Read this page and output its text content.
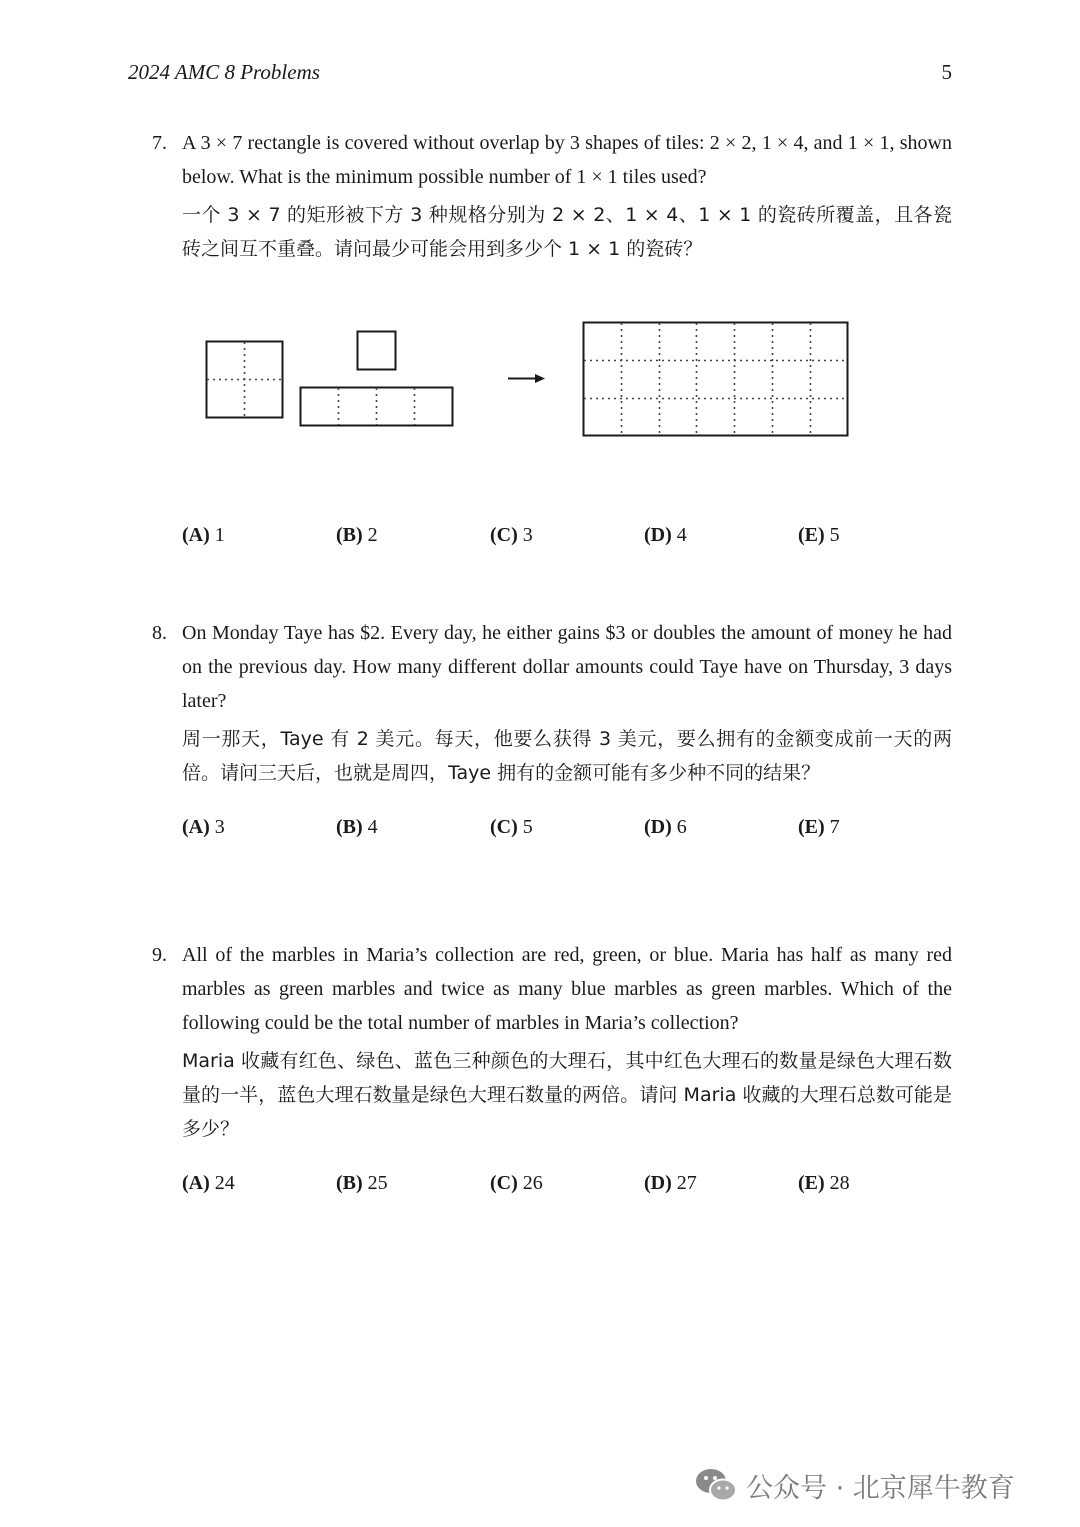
2024 AMC 8 Problems	5
7. A 3 × 7 rectangle is covered without overlap by 3 shapes of tiles: 2 × 2, 1 × 4, and 1 × 1, shown below. What is the minimum possible number of 1 × 1 tiles used?

一个 3 × 7 的矩形被下方 3 种规格分别为 2 × 2、1 × 4、1 × 1 的瓷砖所覆盖，且各瓷砖之间互不重叠。请问最少可能会用到多少个 1 × 1 的瓷砖？

(A) 1	(B) 2	(C) 3	(D) 4	(E) 5
8. On Monday Taye has $2. Every day, he either gains $3 or doubles the amount of money he had on the previous day. How many different dollar amounts could Taye have on Thursday, 3 days later?

周一那天，Taye 有 2 美元。每天，他要么获得 3 美元，要么拥有的金额变成前一天的两倍。请问三天后，也就是周四，Taye 拥有的金额可能有多少种不同的结果？

(A) 3	(B) 4	(C) 5	(D) 6	(E) 7
9. All of the marbles in Maria’s collection are red, green, or blue. Maria has half as many red marbles as green marbles and twice as many blue marbles as green marbles. Which of the following could be the total number of marbles in Maria’s collection?

Maria 收藏有红色、绿色、蓝色三种颜色的大理石，其中红色大理石的数量是绿色大理石数量的一半，蓝色大理石数量是绿色大理石数量的两倍。请问 Maria 收藏的大理石总数可能是多少？

(A) 24	(B) 25	(C) 26	(D) 27	(E) 28
公众号 · 北京犀牛教育
